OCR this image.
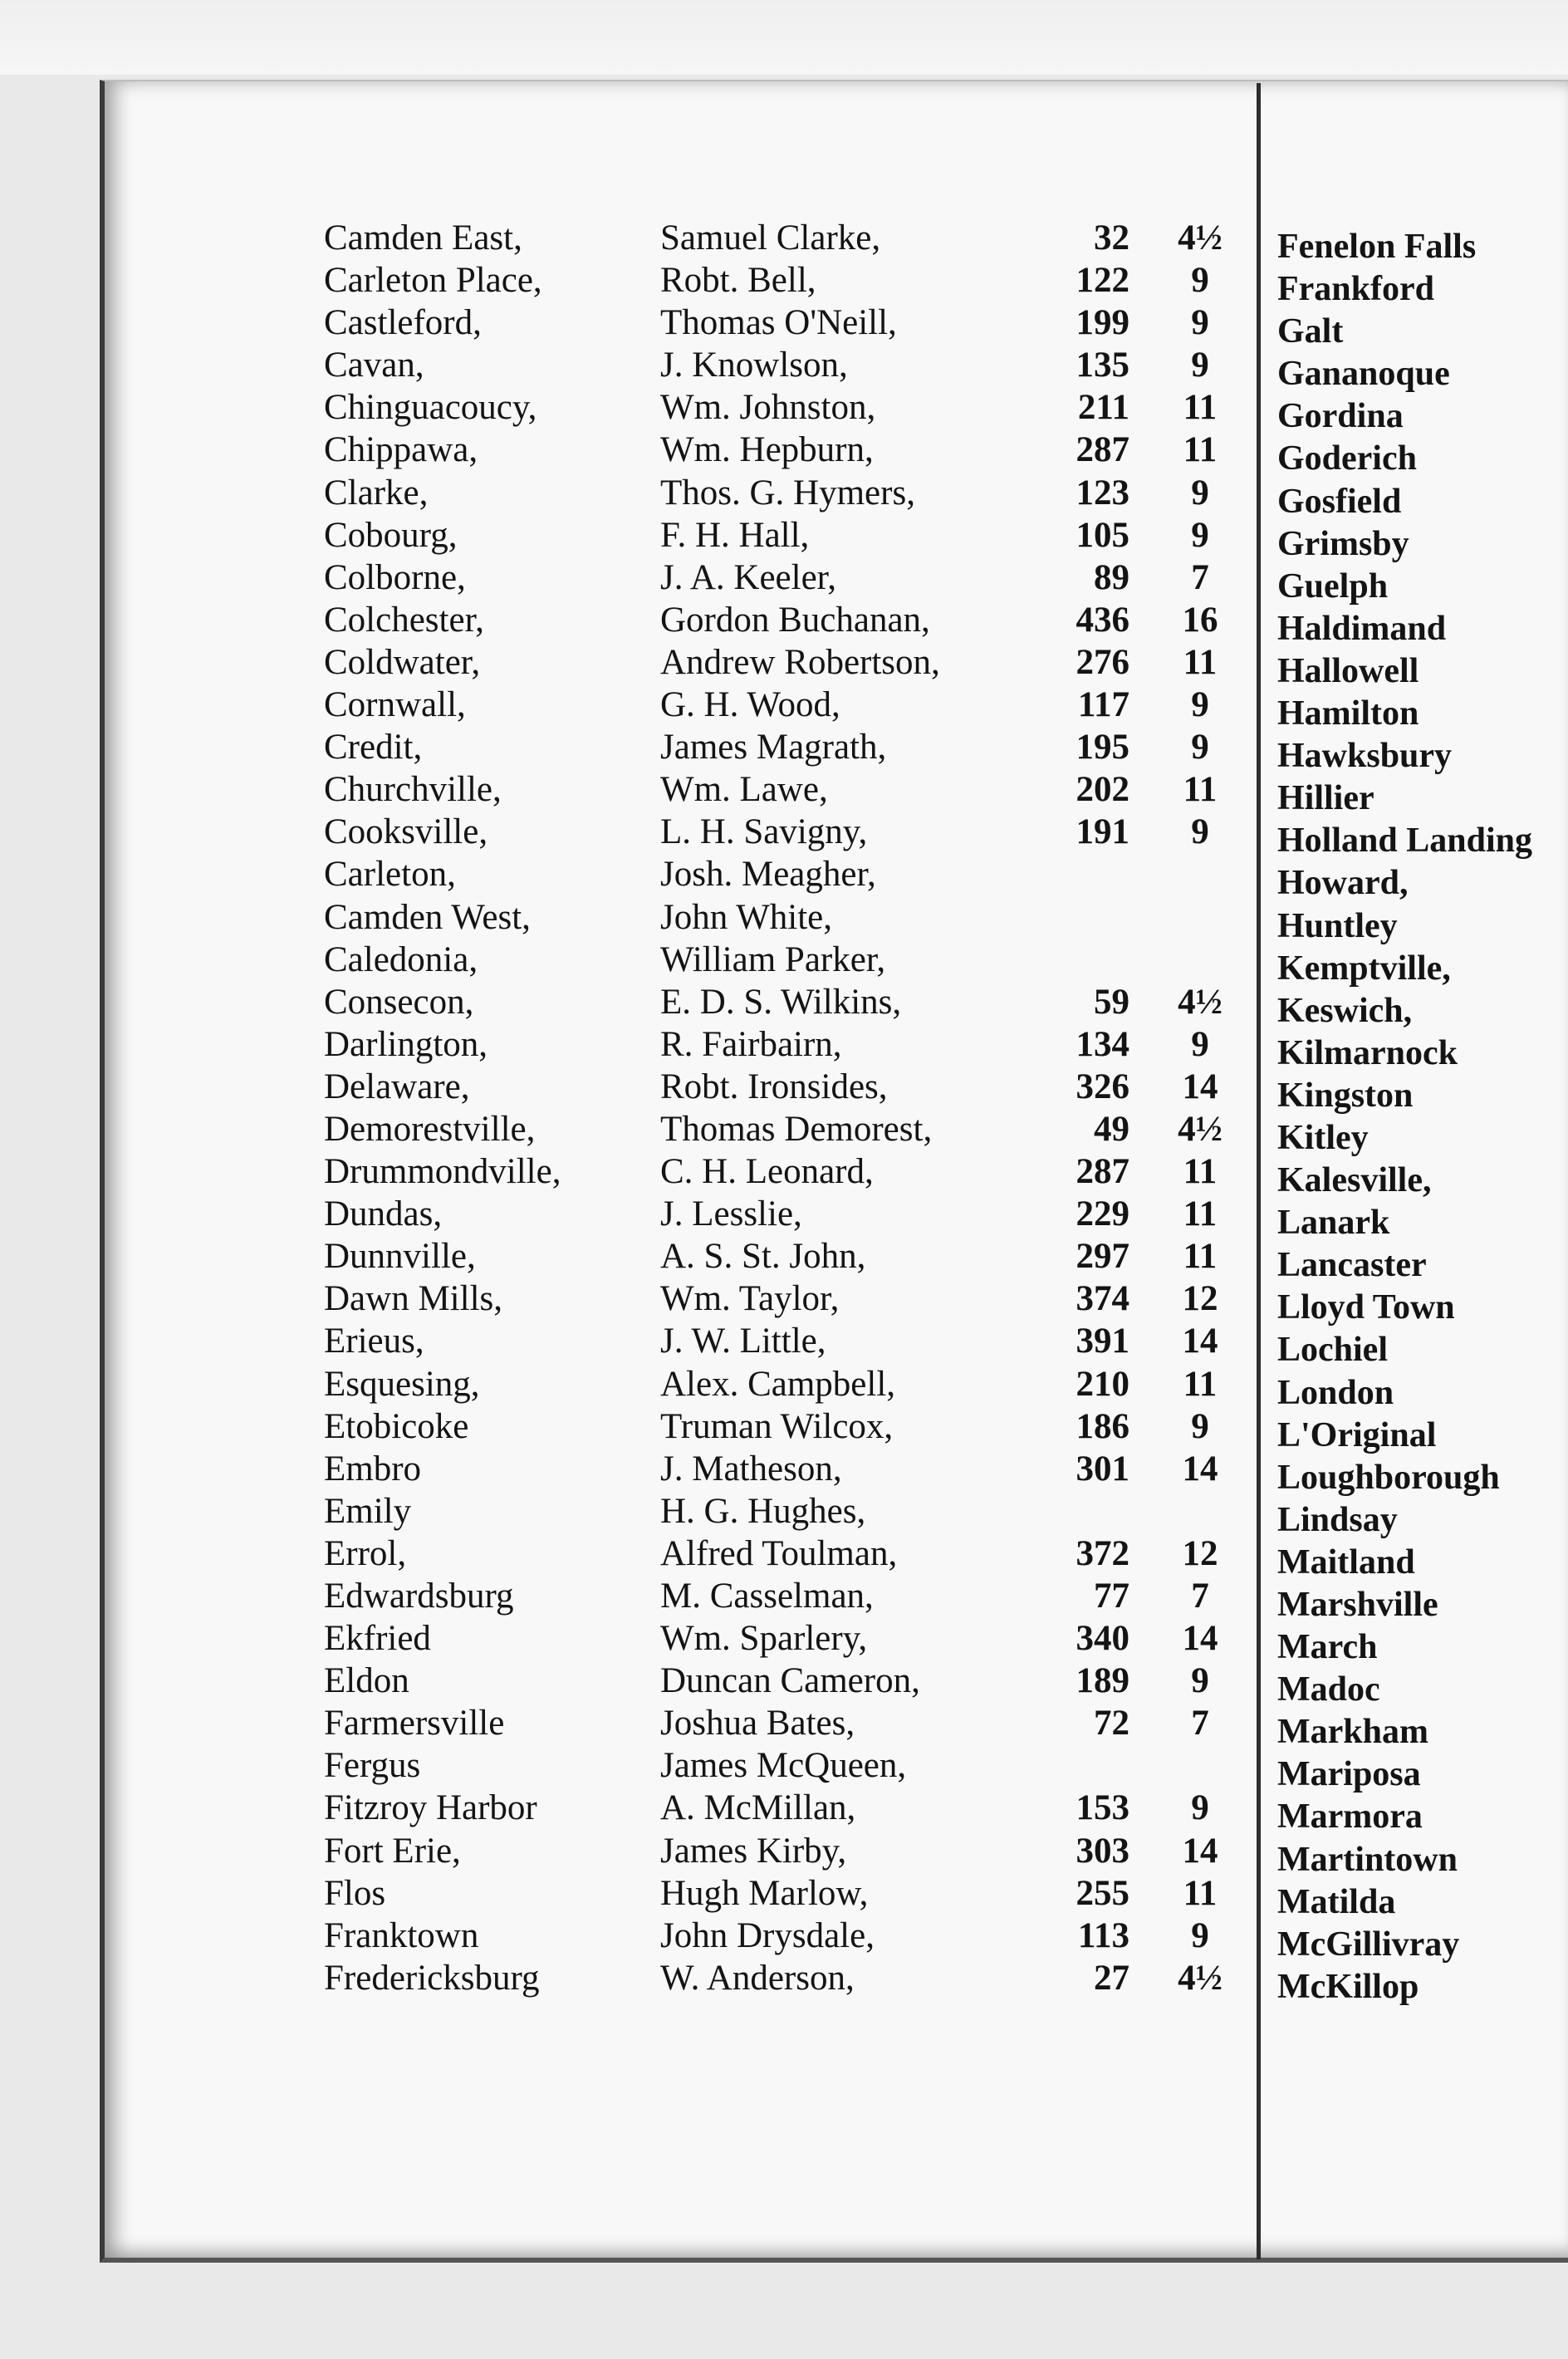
Camden East,	Samuel Clarke,	32	4½
Carleton Place,	Robt. Bell,	122	9
Castleford,	Thomas O'Neill,	199	9
Cavan,	J. Knowlson,	135	9
Chinguacoucy,	Wm. Johnston,	211	11
Chippawa,	Wm. Hepburn,	287	11
Clarke,	Thos. G. Hymers,	123	9
Cobourg,	F. H. Hall,	105	9
Colborne,	J. A. Keeler,	89	7
Colchester,	Gordon Buchanan,	436	16
Coldwater,	Andrew Robertson,	276	11
Cornwall,	G. H. Wood,	117	9
Credit,	James Magrath,	195	9
Churchville,	Wm. Lawe,	202	11
Cooksville,	L. H. Savigny,	191	9
Carleton,	Josh. Meagher,
Camden West,	John White,
Caledonia,	William Parker,
Consecon,	E. D. S. Wilkins,	59	4½
Darlington,	R. Fairbairn,	134	9
Delaware,	Robt. Ironsides,	326	14
Demorestville,	Thomas Demorest,	49	4½
Drummondville,	C. H. Leonard,	287	11
Dundas,	J. Lesslie,	229	11
Dunnville,	A. S. St. John,	297	11
Dawn Mills,	Wm. Taylor,	374	12
Erieus,	J. W. Little,	391	14
Esquesing,	Alex. Campbell,	210	11
Etobicoke	Truman Wilcox,	186	9
Embro	J. Matheson,	301	14
Emily	H. G. Hughes,
Errol,	Alfred Toulman,	372	12
Edwardsburg	M. Casselman,	77	7
Ekfried	Wm. Sparlery,	340	14
Eldon	Duncan Cameron,	189	9
Farmersville	Joshua Bates,	72	7
Fergus	James McQueen,
Fitzroy Harbor	A. McMillan,	153	9
Fort Erie,	James Kirby,	303	14
Flos	Hugh Marlow,	255	11
Franktown	John Drysdale,	113	9
Fredericksburg	W. Anderson,	27	4½
Fenelon Falls
Frankford
Galt
Gananoque
Gordina
Goderich
Gosfield
Grimsby
Guelph
Haldimand
Hallowell
Hamilton
Hawksbury
Hillier
Holland Landing
Howard,
Huntley
Kemptville,
Keswich,
Kilmarnock
Kingston
Kitley
Kalesville,
Lanark
Lancaster
Lloyd Town
Lochiel
London
L'Original
Loughborough
Lindsay
Maitland
Marshville
March
Madoc
Markham
Mariposa
Marmora
Martintown
Matilda
McGillivray
McKillop
